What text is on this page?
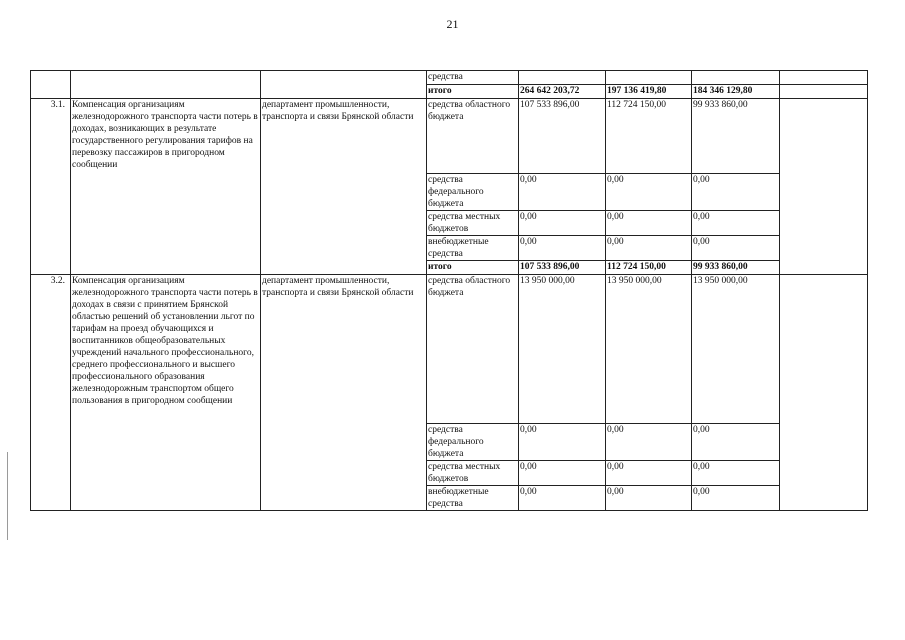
21
			средства				
			итого	264 642 203,72	197 136 419,80	184 346 129,80	
3.1.	Компенсация организациям железнодорожного транспорта части потерь в доходах, возникающих в результате государственного регулирования тарифов на перевозку пассажиров в пригородном сообщении	департамент промышленности, транспорта и связи Брянской области	средства областного бюджета	107 533 896,00	112 724 150,00	99 933 860,00	
			средства федерального бюджета	0,00	0,00	0,00	
			средства местных бюджетов	0,00	0,00	0,00	
			внебюджетные средства	0,00	0,00	0,00	
			итого	107 533 896,00	112 724 150,00	99 933 860,00	
3.2.	Компенсация организациям железнодорожного транспорта части потерь в доходах в связи с принятием Брянской областью решений об установлении льгот по тарифам на проезд обучающихся и воспитанников общеобразовательных учреждений начального профессионального, среднего профессионального и высшего профессионального образования железнодорожным транспортом общего пользования в пригородном сообщении	департамент промышленности, транспорта и связи Брянской области	средства областного бюджета	13 950 000,00	13 950 000,00	13 950 000,00	
			средства федерального бюджета	0,00	0,00	0,00	
			средства местных бюджетов	0,00	0,00	0,00	
			внебюджетные средства	0,00	0,00	0,00	
